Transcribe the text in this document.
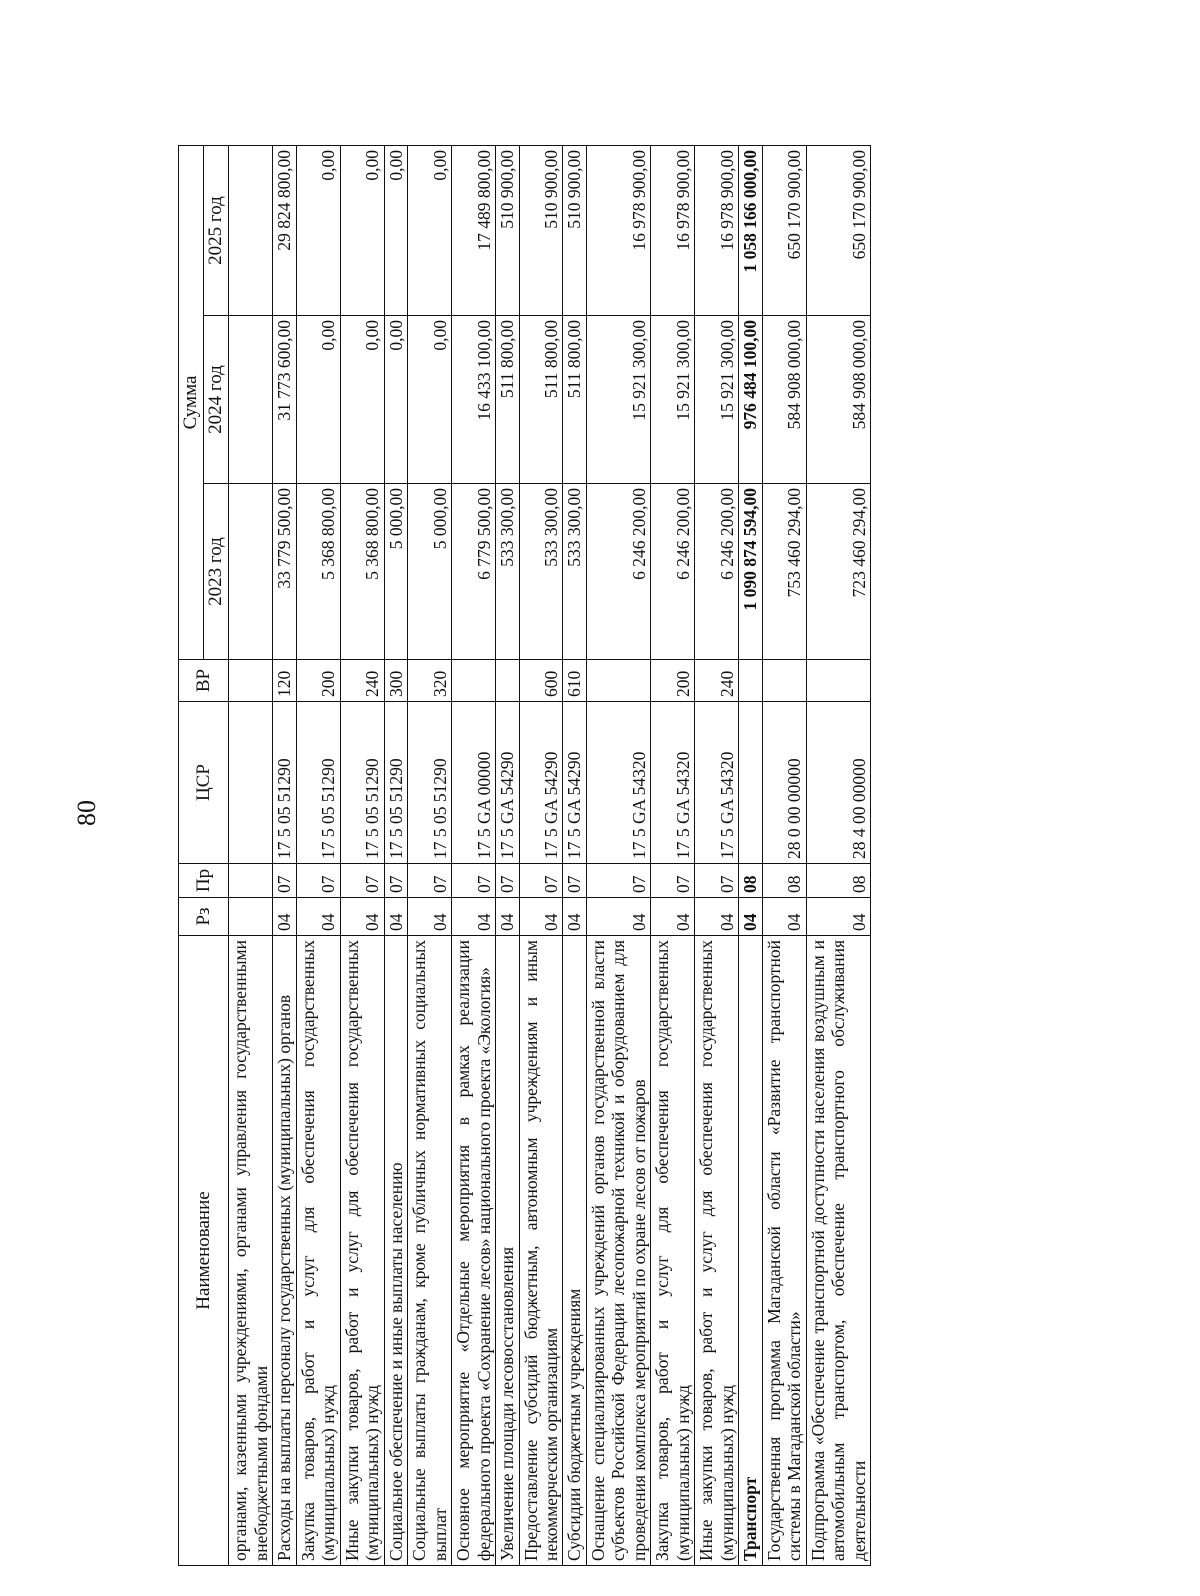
80
Наименование	Рз	Пр	ЦСР	ВР	Сумма		
					2023 год	2024 год	2025 год
органами, казенными учреждениями, органами управления государственными внебюджетными фондами							
Расходы на выплаты персоналу государственных (муниципальных) органов	04	07	17 5 05 51290	120	33 779 500,00	31 773 600,00	29 824 800,00
Закупка товаров, работ и услуг для обеспечения государственных (муниципальных) нужд	04	07	17 5 05 51290	200	5 368 800,00	0,00	0,00
Иные закупки товаров, работ и услуг для обеспечения государственных (муниципальных) нужд	04	07	17 5 05 51290	240	5 368 800,00	0,00	0,00
Социальное обеспечение и иные выплаты населению	04	07	17 5 05 51290	300	5 000,00	0,00	0,00
Социальные выплаты гражданам, кроме публичных нормативных социальных выплат	04	07	17 5 05 51290	320	5 000,00	0,00	0,00
Основное мероприятие «Отдельные мероприятия в рамках реализации федерального проекта «Сохранение лесов» национального проекта «Экология»	04	07	17 5 GA 00000		6 779 500,00	16 433 100,00	17 489 800,00
Увеличение площади лесовосстановления	04	07	17 5 GA 54290		533 300,00	511 800,00	510 900,00
Предоставление субсидий бюджетным, автономным учреждениям и иным некоммерческим организациям	04	07	17 5 GA 54290	600	533 300,00	511 800,00	510 900,00
Субсидии бюджетным учреждениям	04	07	17 5 GA 54290	610	533 300,00	511 800,00	510 900,00
Оснащение специализированных учреждений органов государственной власти субъектов Российской Федерации лесопожарной техникой и оборудованием для проведения комплекса мероприятий по охране лесов от пожаров	04	07	17 5 GA 54320		6 246 200,00	15 921 300,00	16 978 900,00
Закупка товаров, работ и услуг для обеспечения государственных (муниципальных) нужд	04	07	17 5 GA 54320	200	6 246 200,00	15 921 300,00	16 978 900,00
Иные закупки товаров, работ и услуг для обеспечения государственных (муниципальных) нужд	04	07	17 5 GA 54320	240	6 246 200,00	15 921 300,00	16 978 900,00
Транспорт	04	08			1 090 874 594,00	976 484 100,00	1 058 166 000,00
Государственная программа Магаданской области «Развитие транспортной системы в Магаданской области»	04	08	28 0 00 00000		753 460 294,00	584 908 000,00	650 170 900,00
Подпрограмма «Обеспечение транспортной доступности населения воздушным и автомобильным транспортом, обеспечение транспортного обслуживания деятельности	04	08	28 4 00 00000		723 460 294,00	584 908 000,00	650 170 900,00
